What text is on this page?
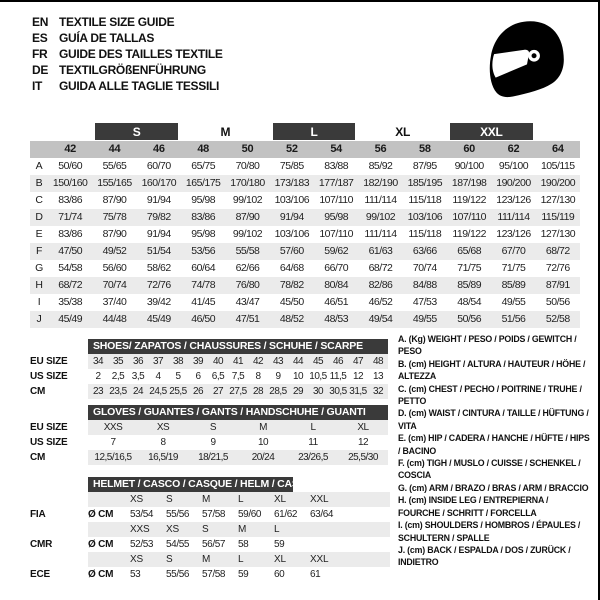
EN TEXTILE SIZE GUIDE
ES GUÍA DE TALLAS
FR GUIDE DES TAILLES TEXTILE
DE TEXTILGRÖßENFÜHRUNG
IT	GUIDA ALLE TAGLIE TESSILI
S	M	L	XL	XXL
42	44	46	48	50	52	54	56	58	60	62	64
A	50/60	55/65	60/70	65/75	70/80	75/85	83/88	85/92	87/95	90/100	95/100	105/115
B	150/160 155/165 160/170 165/175 170/180 173/183 177/187 182/190 185/195 187/198 190/200 190/200
C	83/86	87/90	91/94	95/98	99/102	103/106 107/110	111/114	115/118	119/122 123/126 127/130
D	71/74	75/78	79/82	83/86	87/90	91/94	95/98	99/102	103/106 107/110	111/114	115/119
E	83/86	87/90	91/94	95/98	99/102	103/106 107/110	111/114	115/118	119/122 123/126 127/130
F	47/50	49/52	51/54	53/56	55/58	57/60	59/62	61/63	63/66	65/68	67/70	68/72
G	54/58	56/60	58/62	60/64	62/66	64/68	66/70	68/72	70/74	71/75	71/75	72/76
H	68/72	70/74	72/76	74/78	76/80	78/82	80/84	82/86	84/88	85/89	85/89	87/91
I	35/38	37/40	39/42	41/45	43/47	45/50	46/51	46/52	47/53	48/54	49/55	50/56
J	45/49	44/48	45/49	46/50	47/51	48/52	48/53	49/54	49/55	50/56	51/56	52/58
SHOES/ ZAPATOS / CHAUSSURES / SCHUHE / SCARPE
EU SIZE	34 35 36 37 38 39 40 41 42 43 44 45 46 47 48
US SIZE	2	2,5 3,5	4	5	6	6,5 7,5	8	9	10 10,5 11,5 12 13
CM	23 23,5 24 24,5 25,5 26 27 27,5 28 28,5 29 30 30,5 31,5 32
GLOVES / GUANTES / GANTS / HANDSCHUHE / GUANTI
EU SIZE	XXS	XS	S	M	L	XL
US SIZE	7	8	9	10	11	12
CM	12,5/16,5	16,5/19	18/21,5	20/24	23/26,5	25,5/30
HELMET / CASCO / CASQUE / HELM / CASCO
XS	S	M	L	XL	XXL
FIA	Ø CM	53/54	55/56	57/58	59/60	61/62	63/64
XXS	XS	S	M	L
CMR	Ø CM	52/53	54/55	56/57	58	59
XS	S	M	L	XL	XXL
ECE	Ø CM	53	55/56	57/58	59	60	61
A. (Kg) WEIGHT / PESO / POIDS / GEWITCH / PESO
B. (cm) HEIGHT / ALTURA / HAUTEUR / HÖHE / ALTEZZA
C. (cm) CHEST / PECHO / POITRINE / TRUHE / PETTO
D. (cm) WAIST / CINTURA / TAILLE / HÜFTUNG / VITA
E. (cm) HIP / CADERA / HANCHE / HÜFTE / HIPS / BACINO
F. (cm) TIGH / MUSLO / CUISSE / SCHENKEL / COSCIA
G. (cm) ARM / BRAZO / BRAS / ARM / BRACCIO
H. (cm) INSIDE LEG / ENTREPIERNA / FOURCHE / SCHRITT / FORCELLA
I. (cm) SHOULDERS / HOMBROS / ÉPAULES / SCHULTERN / SPALLE
J. (cm) BACK / ESPALDA / DOS / ZURÜCK / INDIETRO
